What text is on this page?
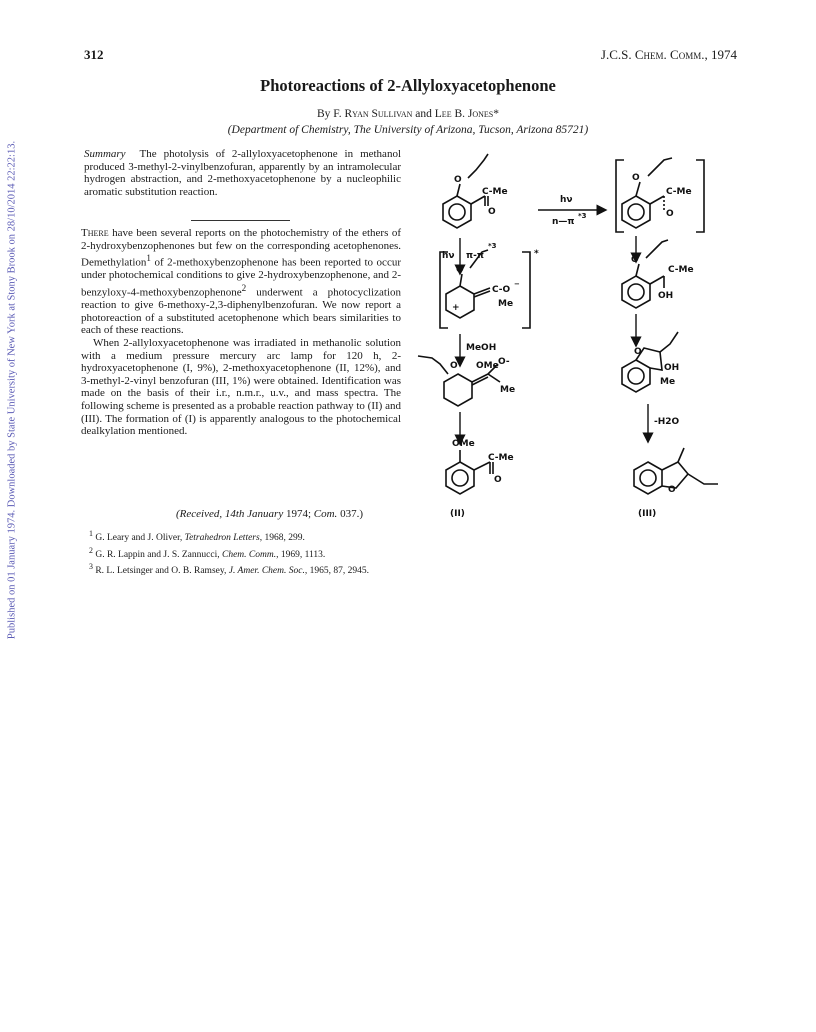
Published on 01 January 1974. Downloaded by State University of New York at Stony Brook on 28/10/2014 22:22:13.
312	J.C.S. Chem. Comm., 1974
Photoreactions of 2-Allyloxyacetophenone
By F. Ryan Sullivan and Lee B. Jones*
(Department of Chemistry, The University of Arizona, Tucson, Arizona 85721)
Summary The photolysis of 2-allyloxyacetophenone in methanol produced 3-methyl-2-vinylbenzofuran, apparently by an intramolecular hydrogen abstraction, and 2-methoxyacetophenone by a nucleophilic aromatic substitution reaction.

There have been several reports on the photochemistry of the ethers of 2-hydroxybenzophenones but few on the corresponding acetophenones. Demethylation$^1$ of 2-methoxybenzophenone has been reported to occur under photochemical conditions to give 2-hydroxybenzophenone, and 2-benzyloxy-4-methoxybenzophenone$^2$ underwent a photocyclization reaction to give 6-methoxy-2,3-diphenylbenzofuran. We now report a photoreaction of a substituted acetophenone which bears similarities to each of these reactions.

When 2-allyloxyacetophenone was irradiated in methanolic solution with a medium pressure mercury arc lamp for 120 h, 2-hydroxyacetophenone (I, 9%), 2-methoxyacetophenone (II, 12%), and 3-methyl-2-vinyl benzofuran (III, 1%) were obtained. Identification was made on the basis of their i.r., n.m.r., u.v., and mass spectra. The following scheme is presented as a probable reaction pathway to (II) and (III). The formation of (I) is apparently analogous to the photochemical dealkylation mentioned.

(Received, 14th January 1974; Com. 037.)
$^1$ G. Leary and J. Oliver, Tetrahedron Letters, 1968, 299.
$^2$ G. R. Lappin and J. S. Zannucci, Chem. Comm., 1969, 1113.
$^3$ R. L. Letsinger and O. B. Ramsey, J. Amer. Chem. Soc., 1965, 87, 2945.
O
C-Me
O
hν
n—π
*3
O
C-Me
O
O
C-Me
OH
O
OH
Me
-H2O
O
(III)
hν π-π
*3
*
O
C-O
−
Me
+
MeOH
O OMe O-
Me
OMe
C-Me
O
(II)
